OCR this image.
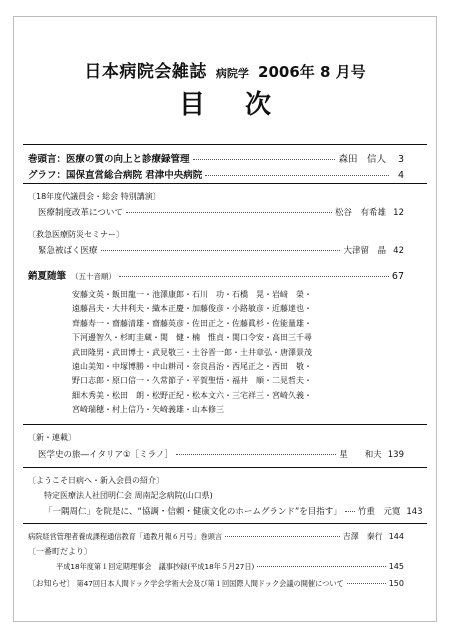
日本病院会雑誌 病院学 2006年 8 月号
目次
巻頭言：医療の質の向上と診療録管理	森田　信人	3
グラフ：国保直営総合病院 君津中央病院	4
〔18年度代議員会・総会 特別講演〕
医療制度改革について	松谷　有希雄 12
〔救急医療防災セミナー〕
緊急被ばく医療	大津留　晶 42
銷夏随筆 （五十音順）	67
安藤文英・飯田龍一・池澤康郎・石川　功・石橋　晃・岩﨑　榮・
遠藤昌夫・大井利夫・織本正慶・加藤俊彦・小路敏彦・近藤達也・
齊藤寿一・齋藤清雄・齋藤英彦・佐田正之・佐藤眞杉・佐能量雄・
下河邊智久・杉町圭蔵・関　健・楠　惟貞・関口令安・高田三千尋
武田隆男・武田博士・武見敬三・土谷晋一郎・土井章弘・唐澤景茂
遠山美知・中塚博勝・中山耕司・奈良昌治・西尾正之・西田　敬・
野口志郎・原口信一・久常節子・平賀聖悟・福井　順・二見哲夫・
細木秀美・松田　朗・松野正紀・松本文六・三宅祥三・宮崎久義・
宮崎瑞穂・村上信乃・矢崎義雄・山本修三
〔新・連載〕
医学史の旅―イタリア①［ミラノ］	星　　和夫 139
〔ようこそ日病へ・新入会員の紹介〕
特定医療法人社団明仁会 周南記念病院(山口県)
「一隅周仁」を院是に、“協調・信頼・健康文化のホームグランド”を目指す」 竹重　元寛 143
病院経営管理者養成課程通信教育「通教月報６月号」巻頭言	吉澤　秦行 144
〔一番町だより〕
平成18年度第１回定期理事会　議事抄録(平成18年５月27日)	145
〔お知らせ〕 第47回日本人間ドック学会学術大会及び第１回国際人間ドック会議の開催について	150
